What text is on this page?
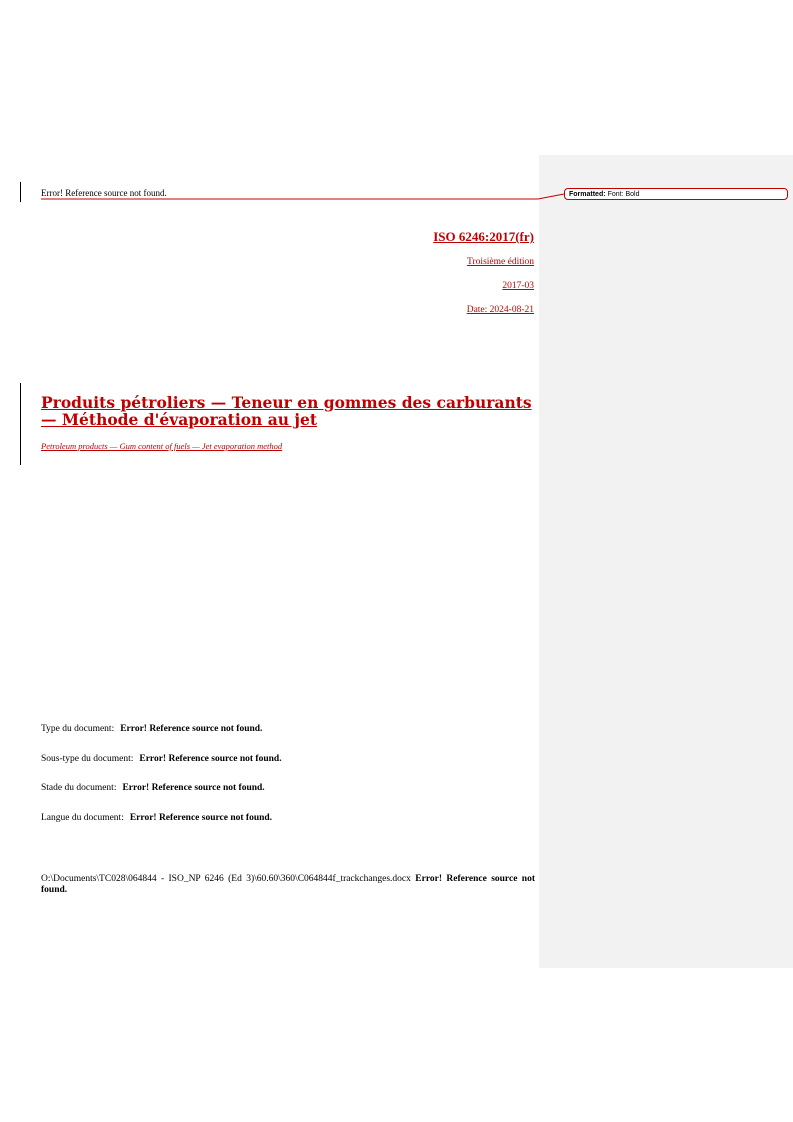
Error! Reference source not found.	Formatted: Font: Bold
ISO 6246:2017(fr)
Troisième édition
2017-03
Date: 2024-08-21
Produits pétroliers — Teneur en gommes des carburants — Méthode d'évaporation au jet
Petroleum products — Gum content of fuels — Jet evaporation method
Type du document: Error! Reference source not found.
Sous-type du document: Error! Reference source not found.
Stade du document: Error! Reference source not found.
Langue du document: Error! Reference source not found.
O:\Documents\TC028\064844 - ISO_NP 6246 (Ed 3)\60.60\360\C064844f_trackchanges.docx Error! Reference source not found.
